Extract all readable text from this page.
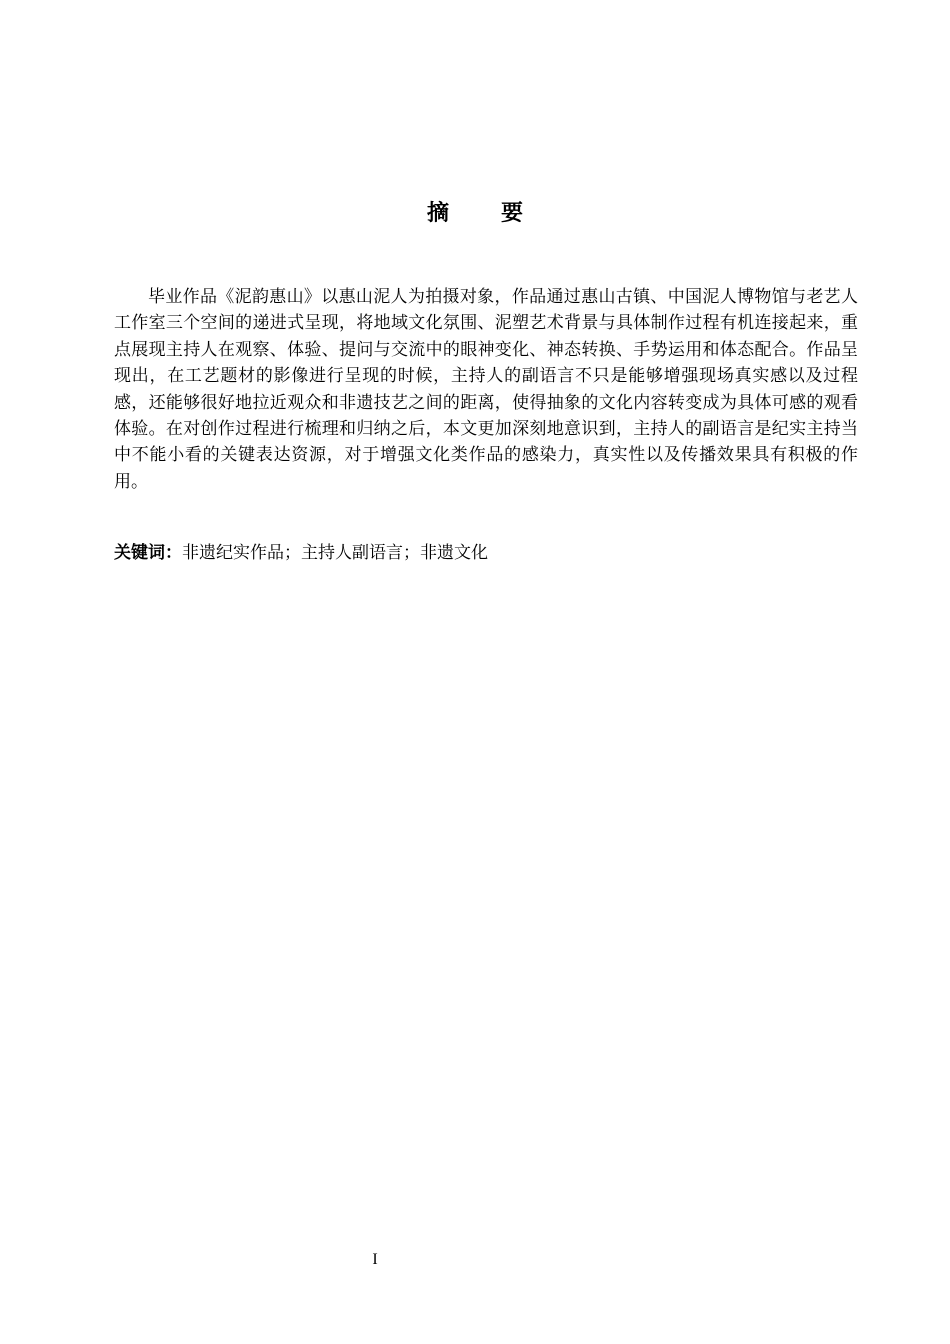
摘要

毕业作品《泥韵惠山》以惠山泥人为拍摄对象，作品通过惠山古镇、中国泥人博物馆与老艺人工作室三个空间的递进式呈现，将地域文化氛围、泥塑艺术背景与具体制作过程有机连接起来，重点展现主持人在观察、体验、提问与交流中的眼神变化、神态转换、手势运用和体态配合。作品呈现出，在工艺题材的影像进行呈现的时候，主持人的副语言不只是能够增强现场真实感以及过程感，还能够很好地拉近观众和非遗技艺之间的距离，使得抽象的文化内容转变成为具体可感的观看体验。在对创作过程进行梳理和归纳之后，本文更加深刻地意识到，主持人的副语言是纪实主持当中不能小看的关键表达资源，对于增强文化类作品的感染力，真实性以及传播效果具有积极的作用。

关键词：非遗纪实作品；主持人副语言；非遗文化

I
